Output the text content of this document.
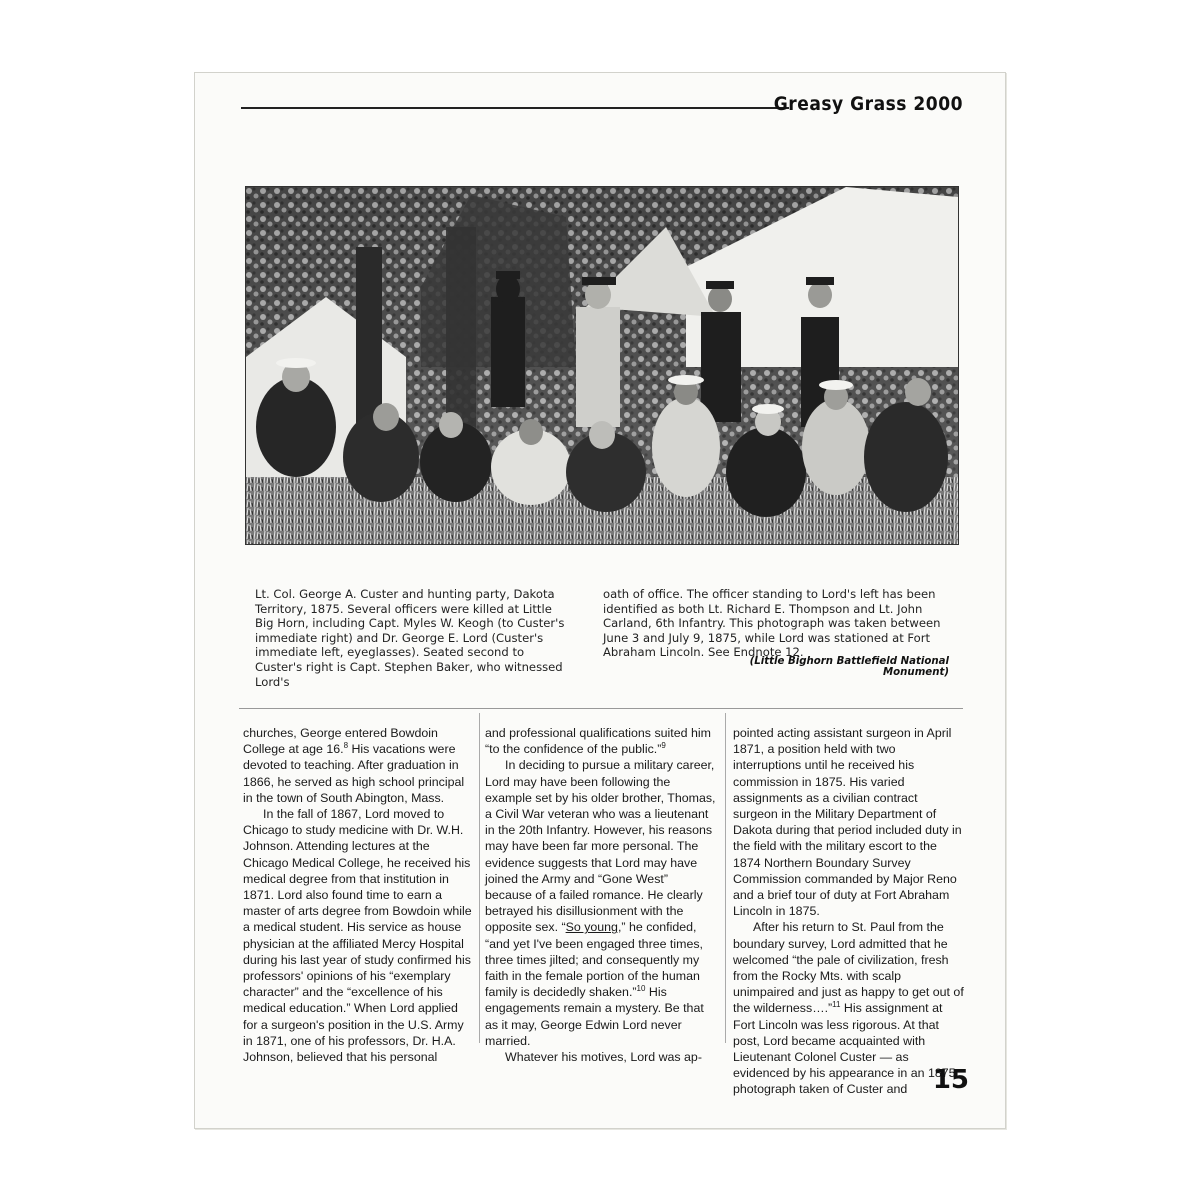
Greasy Grass 2000
Lt. Col. George A. Custer and hunting party, Dakota Territory, 1875. Several officers were killed at Little Big Horn, including Capt. Myles W. Keogh (to Custer's immediate right) and Dr. George E. Lord (Custer's immediate left, eyeglasses). Seated second to Custer's right is Capt. Stephen Baker, who witnessed Lord's
oath of office. The officer standing to Lord's left has been identified as both Lt. Richard E. Thompson and Lt. John Carland, 6th Infantry. This photograph was taken between June 3 and July 9, 1875, while Lord was stationed at Fort Abraham Lincoln. See Endnote 12.
(Little Bighorn Battlefield National Monument)

churches, George entered Bowdoin College at age 16.$^8$ His vacations were devoted to teaching. After graduation in 1866, he served as high school principal in the town of South Abington, Mass.

In the fall of 1867, Lord moved to Chicago to study medicine with Dr. W.H. Johnson. Attending lectures at the Chicago Medical College, he received his medical degree from that institution in 1871. Lord also found time to earn a master of arts degree from Bowdoin while a medical student. His service as house physician at the affiliated Mercy Hospital during his last year of study confirmed his professors' opinions of his “exemplary character” and the “excellence of his medical education.” When Lord applied for a surgeon's position in the U.S. Army in 1871, one of his professors, Dr. H.A. Johnson, believed that his personal

and professional qualifications suited him “to the confidence of the public.”$^9$

In deciding to pursue a military career, Lord may have been following the example set by his older brother, Thomas, a Civil War veteran who was a lieutenant in the 20th Infantry. However, his reasons may have been far more personal. The evidence suggests that Lord may have joined the Army and “Gone West” because of a failed romance. He clearly betrayed his disillusionment with the opposite sex. “So young,” he confided, “and yet I've been engaged three times, three times jilted; and consequently my faith in the female portion of the human family is decidedly shaken.”$^{10}$ His engagements remain a mystery. Be that as it may, George Edwin Lord never married.

Whatever his motives, Lord was ap-

pointed acting assistant surgeon in April 1871, a position held with two interruptions until he received his commission in 1875. His varied assignments as a civilian contract surgeon in the Military Department of Dakota during that period included duty in the field with the military escort to the 1874 Northern Boundary Survey Commission commanded by Major Reno and a brief tour of duty at Fort Abraham Lincoln in 1875.

After his return to St. Paul from the boundary survey, Lord admitted that he welcomed “the pale of civilization, fresh from the Rocky Mts. with scalp unimpaired and just as happy to get out of the wilderness….”$^{11}$ His assignment at Fort Lincoln was less rigorous. At that post, Lord became acquainted with Lieutenant Colonel Custer — as evidenced by his appearance in an 1875 photograph taken of Custer and 15
